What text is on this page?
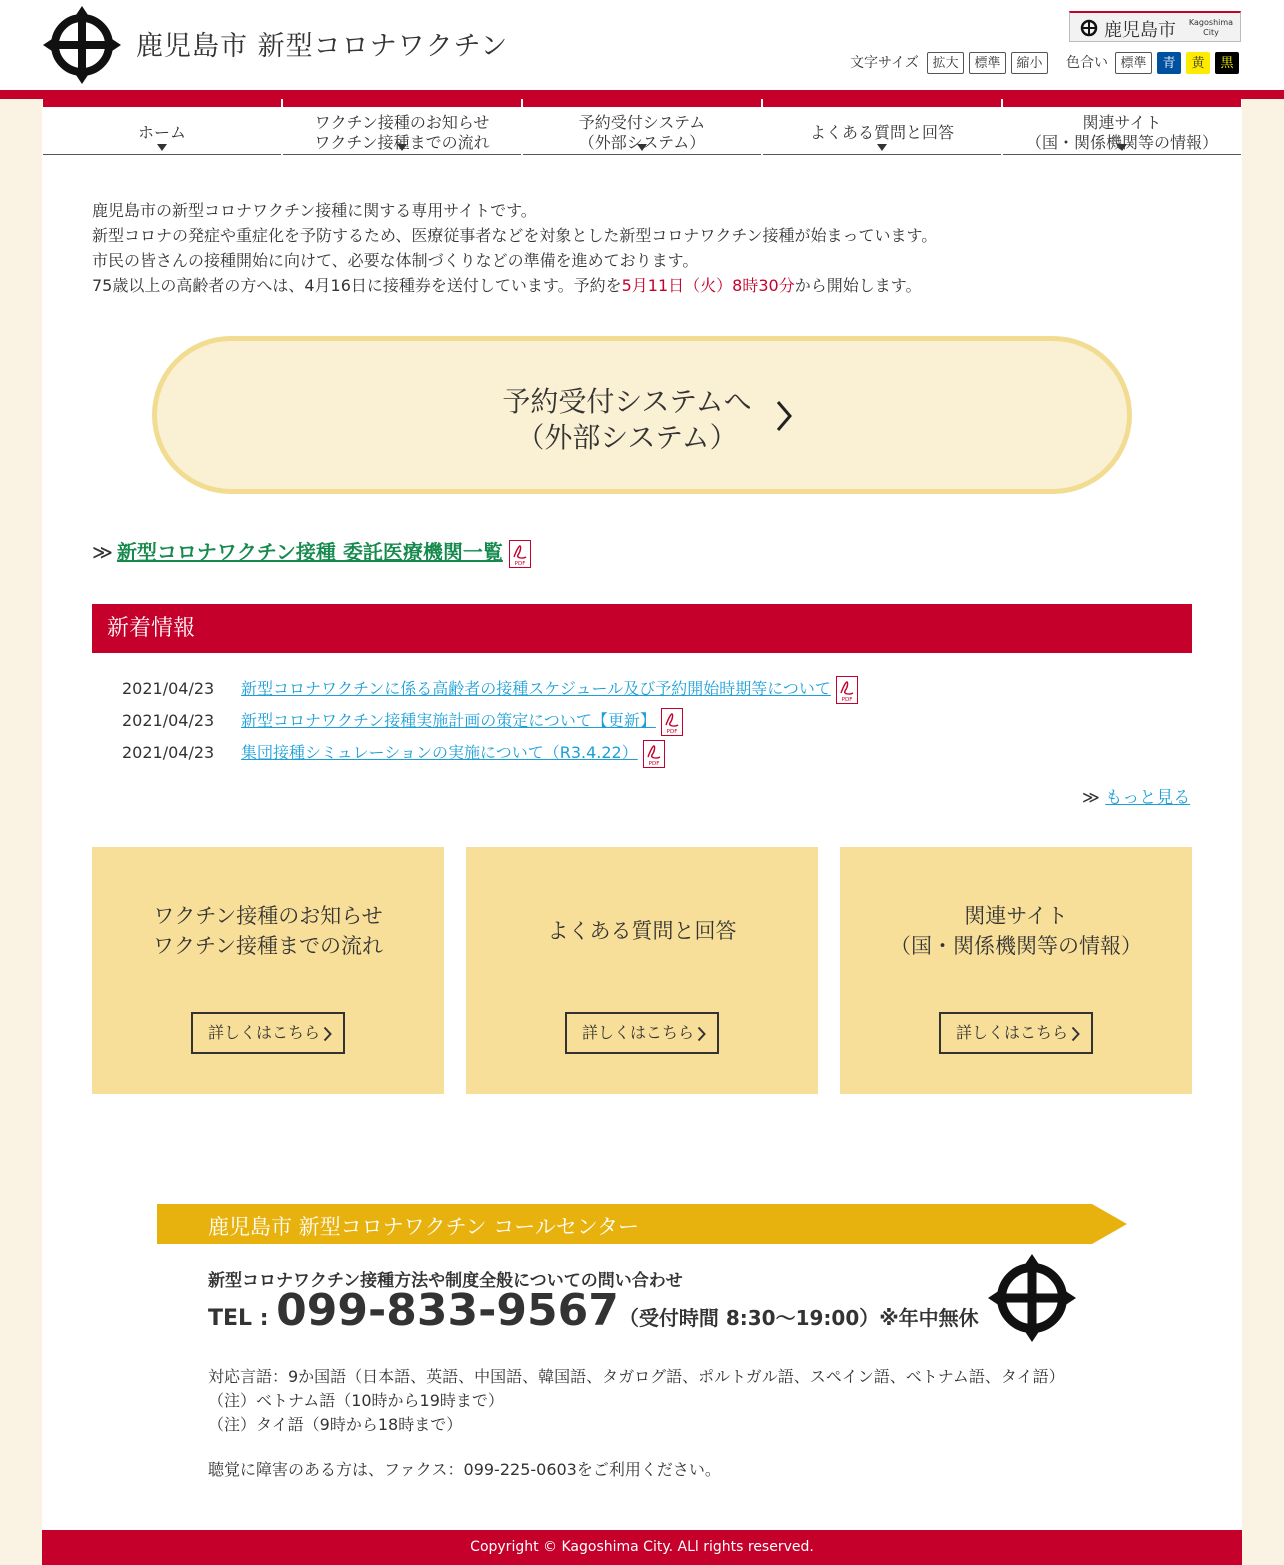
鹿児島市 新型コロナワクチン
鹿児島市 Kagoshima City
文字サイズ	拡大	標準	縮小	色合い 標準	青	黄	黒
ホーム
ワクチン接種のお知らせ
ワクチン接種までの流れ
予約受付システム
（外部システム）
よくある質問と回答
関連サイト
（国・関係機関等の情報）
鹿児島市の新型コロナワクチン接種に関する専用サイトです。
新型コロナの発症や重症化を予防するため、医療従事者などを対象とした新型コロナワクチン接種が始まっています。
市民の皆さんの接種開始に向けて、必要な体制づくりなどの準備を進めております。
75歳以上の高齢者の方へは、4月16日に接種券を送付しています。予約を5月11日（火）8時30分から開始します。
予約受付システムへ
（外部システム）
≫ 新型コロナワクチン接種 委託医療機関一覧 PDF
新着情報
2021/04/23 新型コロナワクチンに係る高齢者の接種スケジュール及び予約開始時期等について
PDF
2021/04/23 新型コロナワクチン接種実施計画の策定について【更新】
PDF
2021/04/23 集団接種シミュレーションの実施について（R3.4.22）
PDF
≫ もっと見る
ワクチン接種のお知らせ
ワクチン接種までの流れ
詳しくはこちら
よくある質問と回答
詳しくはこちら
関連サイト
（国・関係機関等の情報）
詳しくはこちら
鹿児島市 新型コロナワクチン コールセンター
新型コロナワクチン接種方法や制度全般についての問い合わせ
TEL : 099-833-9567（受付時間 8:30〜19:00）※年中無休
対応言語：9か国語（日本語、英語、中国語、韓国語、タガログ語、ポルトガル語、スペイン語、ベトナム語、タイ語）
（注）ベトナム語（10時から19時まで）
（注）タイ語（9時から18時まで）
聴覚に障害のある方は、ファクス：099-225-0603をご利用ください。
Copyright © Kagoshima City. ALl rights reserved.
